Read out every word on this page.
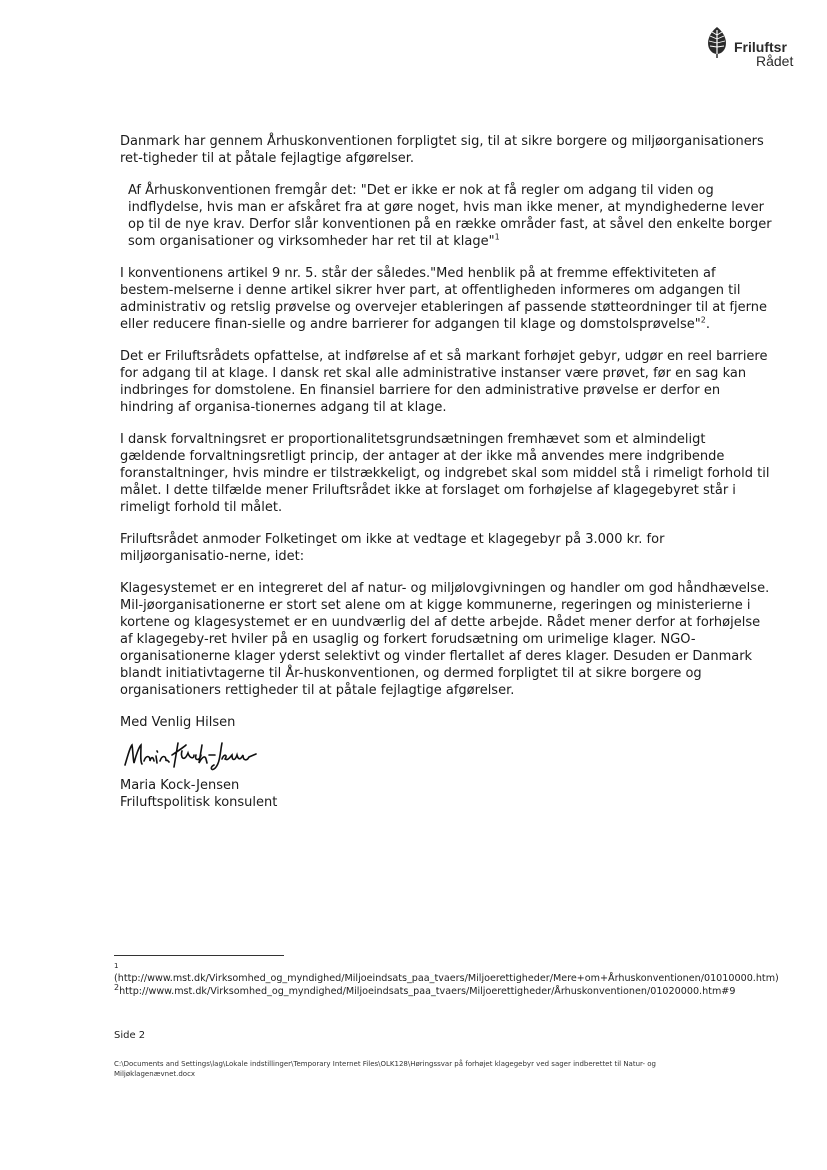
Friluftsr
Rådet

Danmark har gennem Århuskonventionen forpligtet sig, til at sikre borgere og miljøorganisationers ret-tigheder til at påtale fejlagtige afgørelser.

Af Århuskonventionen fremgår det: "Det er ikke er nok at få regler om adgang til viden og indflydelse, hvis man er afskåret fra at gøre noget, hvis man ikke mener, at myndighederne lever op til de nye krav. Derfor slår konventionen på en række områder fast, at såvel den enkelte borger som organisationer og virksomheder har ret til at klage"$^1$

I konventionens artikel 9 nr. 5. står der således."Med henblik på at fremme effektiviteten af bestem-melserne i denne artikel sikrer hver part, at offentligheden informeres om adgangen til administrativ og retslig prøvelse og overvejer etableringen af passende støtteordninger til at fjerne eller reducere finan-sielle og andre barrierer for adgangen til klage og domstolsprøvelse"$^2$.

Det er Friluftsrådets opfattelse, at indførelse af et så markant forhøjet gebyr, udgør en reel barriere for adgang til at klage. I dansk ret skal alle administrative instanser være prøvet, før en sag kan indbringes for domstolene. En finansiel barriere for den administrative prøvelse er derfor en hindring af organisa-tionernes adgang til at klage.

I dansk forvaltningsret er proportionalitetsgrundsætningen fremhævet som et almindeligt gældende forvaltningsretligt princip, der antager at der ikke må anvendes mere indgribende foranstaltninger, hvis mindre er tilstrækkeligt, og indgrebet skal som middel stå i rimeligt forhold til målet. I dette tilfælde mener Friluftsrådet ikke at forslaget om forhøjelse af klagegebyret står i rimeligt forhold til målet.

Friluftsrådet anmoder Folketinget om ikke at vedtage et klagegebyr på 3.000 kr. for miljøorganisatio-nerne, idet:

Klagesystemet er en integreret del af natur- og miljølovgivningen og handler om god håndhævelse. Mil-jøorganisationerne er stort set alene om at kigge kommunerne, regeringen og ministerierne i kortene og klagesystemet er en uundværlig del af dette arbejde. Rådet mener derfor at forhøjelse af klagegeby-ret hviler på en usaglig og forkert forudsætning om urimelige klager. NGO-organisationerne klager yderst selektivt og vinder flertallet af deres klager. Desuden er Danmark blandt initiativtagerne til År-huskonventionen, og dermed forpligtet til at sikre borgere og organisationers rettigheder til at påtale fejlagtige afgørelser.

Med Venlig Hilsen

Maria Kock-Jensen
Friluftspolitisk konsulent
1
(http://www.mst.dk/Virksomhed_og_myndighed/Miljoeindsats_paa_tvaers/Miljoerettigheder/Mere+om+Århuskonventionen/01010000.htm)
$^2$http://www.mst.dk/Virksomhed_og_myndighed/Miljoeindsats_paa_tvaers/Miljoerettigheder/Århuskonventionen/01020000.htm#9
Side 2
C:\Documents and Settings\lag\Lokale indstillinger\Temporary Internet Files\OLK128\Høringssvar på forhøjet klagegebyr ved sager indberettet til Natur- og Miljøklagenævnet.docx
